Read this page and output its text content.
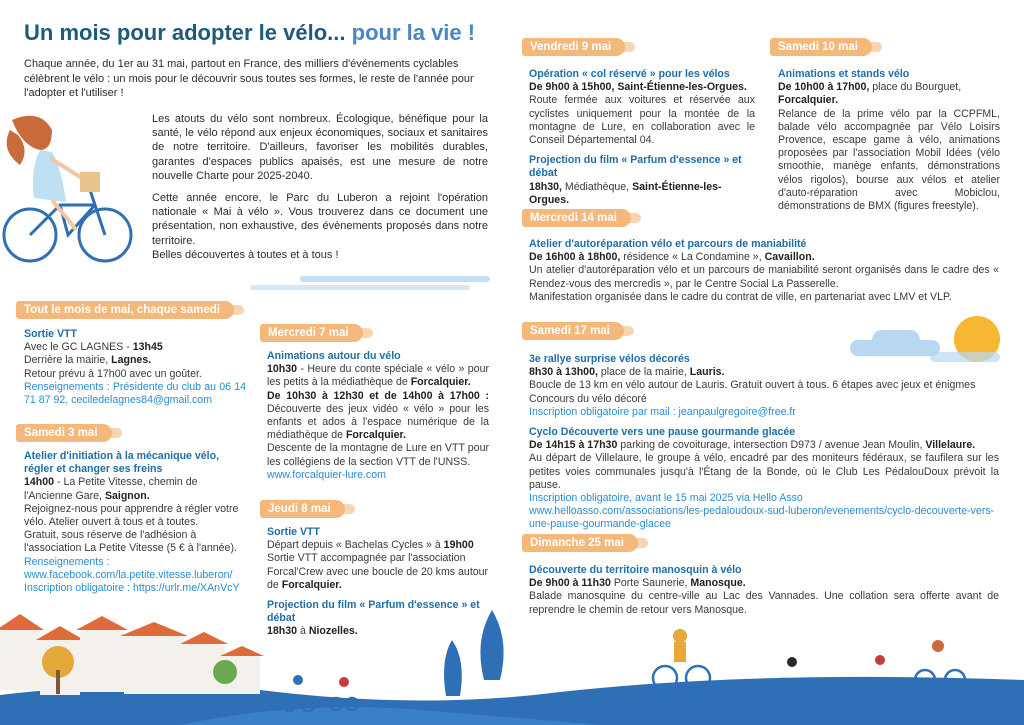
Un mois pour adopter le vélo... pour la vie !
Chaque année, du 1er au 31 mai, partout en France, des milliers d'événements cyclables célèbrent le vélo : un mois pour le découvrir sous toutes ses formes, le reste de l'année pour l'adopter et l'utiliser !

Les atouts du vélo sont nombreux. Écologique, bénéfique pour la santé, le vélo répond aux enjeux économiques, sociaux et sanitaires de notre territoire. D'ailleurs, favoriser les mobilités durables, garantes d'espaces publics apaisés, est une mesure de notre nouvelle Charte pour 2025-2040.

Cette année encore, le Parc du Luberon a rejoint l'opération nationale « Mai à vélo ». Vous trouverez dans ce document une présentation, non exhaustive, des évènements proposés dans notre territoire.

Belles découvertes à toutes et à tous !

Tout le mois de mai, chaque samedi
Sortie VTT
Avec le GC LAGNES - 13h45
Derrière la mairie, Lagnes.
Retour prévu à 17h00 avec un goûter.
Renseignements : Présidente du club au 06 14 71 87 92, ceciledelagnes84@gmail.com
Samedi 3 mai
Atelier d'initiation à la mécanique vélo, régler et changer ses freins
14h00 - La Petite Vitesse, chemin de l'Ancienne Gare, Saignon.
Rejoignez-nous pour apprendre à régler votre vélo. Atelier ouvert à tous et à toutes.
Gratuit, sous réserve de l'adhésion à l'association La Petite Vitesse (5 € à l'année).
Renseignements :
www.facebook.com/la.petite.vitesse.luberon/
Inscription obligatoire : https://urlr.me/XAnVcY
Mercredi 7 mai
Animations autour du vélo
10h30 - Heure du conte spéciale « vélo » pour les petits à la médiathèque de Forcalquier.
De 10h30 à 12h30 et de 14h00 à 17h00 : Découverte des jeux vidéo « vélo » pour les enfants et ados à l'espace numérique de la médiathèque de Forcalquier.
Descente de la montagne de Lure en VTT pour les collégiens de la section VTT de l'UNSS.
www.forcalquier-lure.com
Jeudi 8 mai
Sortie VTT
Départ depuis « Bachelas Cycles » à 19h00
Sortie VTT accompagnée par l'association Forcal'Crew avec une boucle de 20 kms autour de Forcalquier.
Projection du film « Parfum d'essence » et débat
18h30 à Niozelles.
Vendredi 9 mai
Opération « col réservé » pour les vélos
De 9h00 à 15h00, Saint-Étienne-les-Orgues.
Route fermée aux voitures et réservée aux cyclistes uniquement pour la montée de la montagne de Lure, en collaboration avec le Conseil Départemental 04.
Projection du film « Parfum d'essence » et débat
18h30, Médiathèque, Saint-Étienne-les-Orgues.
Mercredi 14 mai
Atelier d'autoréparation vélo et parcours de maniabilité
De 16h00 à 18h00, résidence « La Condamine », Cavaillon.
Un atelier d'autoréparation vélo et un parcours de maniabilité seront organisés dans le cadre des « Rendez-vous des mercredis », par le Centre Social La Passerelle.
Manifestation organisée dans le cadre du contrat de ville, en partenariat avec LMV et VLP.
Samedi 17 mai
3e rallye surprise vélos décorés
8h30 à 13h00, place de la mairie, Lauris.
Boucle de 13 km en vélo autour de Lauris. Gratuit ouvert à tous. 6 étapes avec jeux et énigmes
Concours du vélo décoré
Inscription obligatoire par mail : jeanpaulgregoire@free.fr
Cyclo Découverte vers une pause gourmande glacée
De 14h15 à 17h30 parking de covoiturage, intersection D973 / avenue Jean Moulin, Villelaure.
Au départ de Villelaure, le groupe à vélo, encadré par des moniteurs fédéraux, se faufilera sur les petites voies communales jusqu'à l'Étang de la Bonde, où le Club Les PédalouDoux prévoit la pause.
Inscription obligatoire, avant le 15 mai 2025 via Hello Asso
www.helloasso.com/associations/les-pedaloudoux-sud-luberon/evenements/cyclo-decouverte-vers-une-pause-gourmande-glacee
Dimanche 25 mai
Découverte du territoire manosquin à vélo
De 9h00 à 11h30 Porte Saunerie, Manosque.
Balade manosquine du centre-ville au Lac des Vannades. Une collation sera offerte avant de reprendre le chemin de retour vers Manosque.
Samedi 10 mai
Animations et stands vélo
De 10h00 à 17h00, place du Bourguet,
Forcalquier.
Relance de la prime vélo par la CCPFML, balade vélo accompagnée par Vélo Loisirs Provence, escape game à vélo, animations proposées par l'association Mobil Idées (vélo smoothie, manège enfants, démonstrations vélos rigolos), bourse aux vélos et atelier d'auto-réparation avec Mobiclou, démonstrations de BMX (figures freestyle).
